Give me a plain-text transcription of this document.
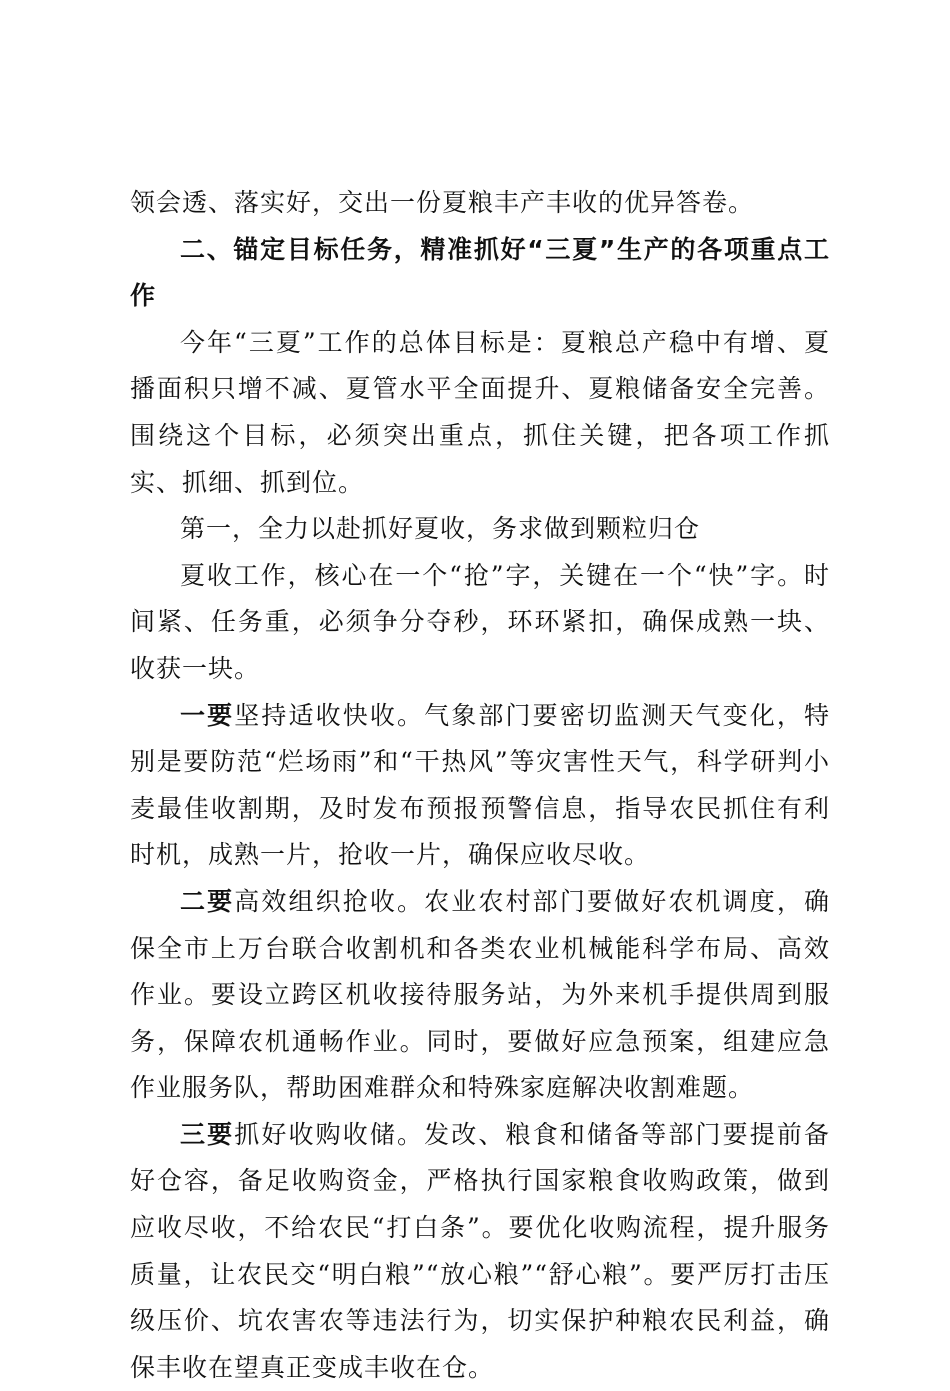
领会透、落实好，交出一份夏粮丰产丰收的优异答卷。

二、锚定目标任务，精准抓好“三夏”生产的各项重点工作

今年“三夏”工作的总体目标是：夏粮总产稳中有增、夏播面积只增不减、夏管水平全面提升、夏粮储备安全完善。围绕这个目标，必须突出重点，抓住关键，把各项工作抓实、抓细、抓到位。

第一，全力以赴抓好夏收，务求做到颗粒归仓

夏收工作，核心在一个“抢”字，关键在一个“快”字。时间紧、任务重，必须争分夺秒，环环紧扣，确保成熟一块、收获一块。

一要坚持适收快收。气象部门要密切监测天气变化，特别是要防范“烂场雨”和“干热风”等灾害性天气，科学研判小麦最佳收割期，及时发布预报预警信息，指导农民抓住有利时机，成熟一片，抢收一片，确保应收尽收。

二要高效组织抢收。农业农村部门要做好农机调度，确保全市上万台联合收割机和各类农业机械能科学布局、高效作业。要设立跨区机收接待服务站，为外来机手提供周到服务，保障农机通畅作业。同时，要做好应急预案，组建应急作业服务队，帮助困难群众和特殊家庭解决收割难题。

三要抓好收购收储。发改、粮食和储备等部门要提前备好仓容，备足收购资金，严格执行国家粮食收购政策，做到应收尽收，不给农民“打白条”。要优化收购流程，提升服务质量，让农民交“明白粮”“放心粮”“舒心粮”。要严厉打击压级压价、坑农害农等违法行为，切实保护种粮农民利益，确保丰收在望真正变成丰收在仓。
